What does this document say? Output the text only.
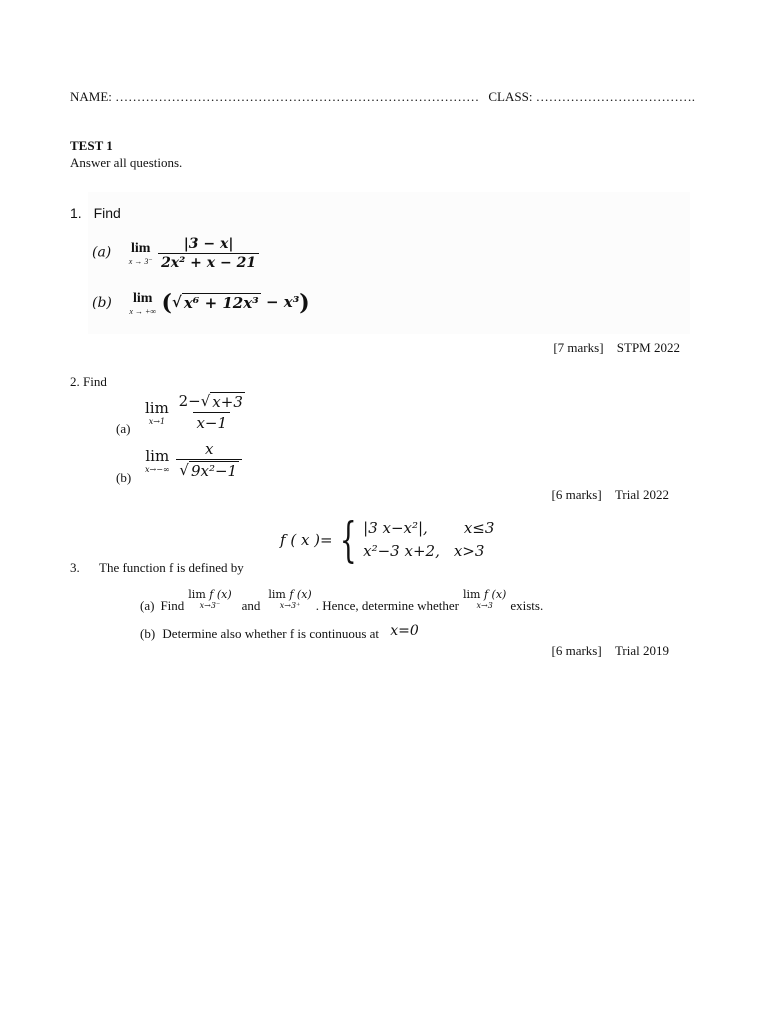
NAME: ………………………………………………………………………… CLASS: ……………………………….
TEST 1
Answer all questions.
1. Find
(a) lim
x → 3⁻
$\frac{|3 - x|}{\text{2x² + x − 21}}$
(b) lim
x → +∞ ( √ x⁶ + 12x³ − x³)
[7 marks] STPM 2022
2. Find
(a)
lim
x→1
$\frac{2- √ x+3}{x-1}$
(b)
lim
x→−∞
$\frac{x}{\text{√ 9x²−1}}$
[6 marks] Trial 2022
f ( x )= { |3 x−x²|, x≤3
x²−3 x+2, x>3
3. The function f is defined by
(a) Find
lim f (x)
x→3⁻ and
lim f (x)
x→3⁺ . Hence, determine whether
lim f (x)
x→3 exists.
(b) Determine also whether f is continuous at x=0
[6 marks] Trial 2019
